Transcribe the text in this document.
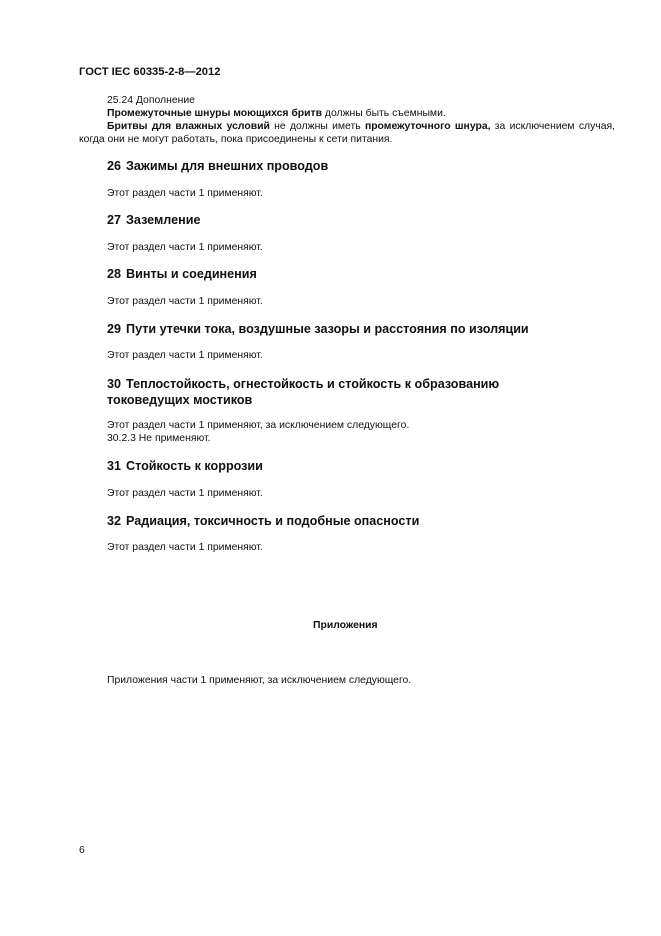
ГОСТ IEC 60335-2-8—2012
25.24 Дополнение
Промежуточные шнуры моющихся бритв должны быть съемными.
Бритвы для влажных условий не должны иметь промежуточного шнура, за исключением случая, когда они не могут работать, пока присоединены к сети питания.
26 Зажимы для внешних проводов
Этот раздел части 1 применяют.
27 Заземление
Этот раздел части 1 применяют.
28 Винты и соединения
Этот раздел части 1 применяют.
29 Пути утечки тока, воздушные зазоры и расстояния по изоляции
Этот раздел части 1 применяют.
30 Теплостойкость, огнестойкость и стойкость к образованию
токоведущих мостиков
Этот раздел части 1 применяют, за исключением следующего.
30.2.3 Не применяют.
31 Стойкость к коррозии
Этот раздел части 1 применяют.
32 Радиация, токсичность и подобные опасности
Этот раздел части 1 применяют.
Приложения
Приложения части 1 применяют, за исключением следующего.
6
